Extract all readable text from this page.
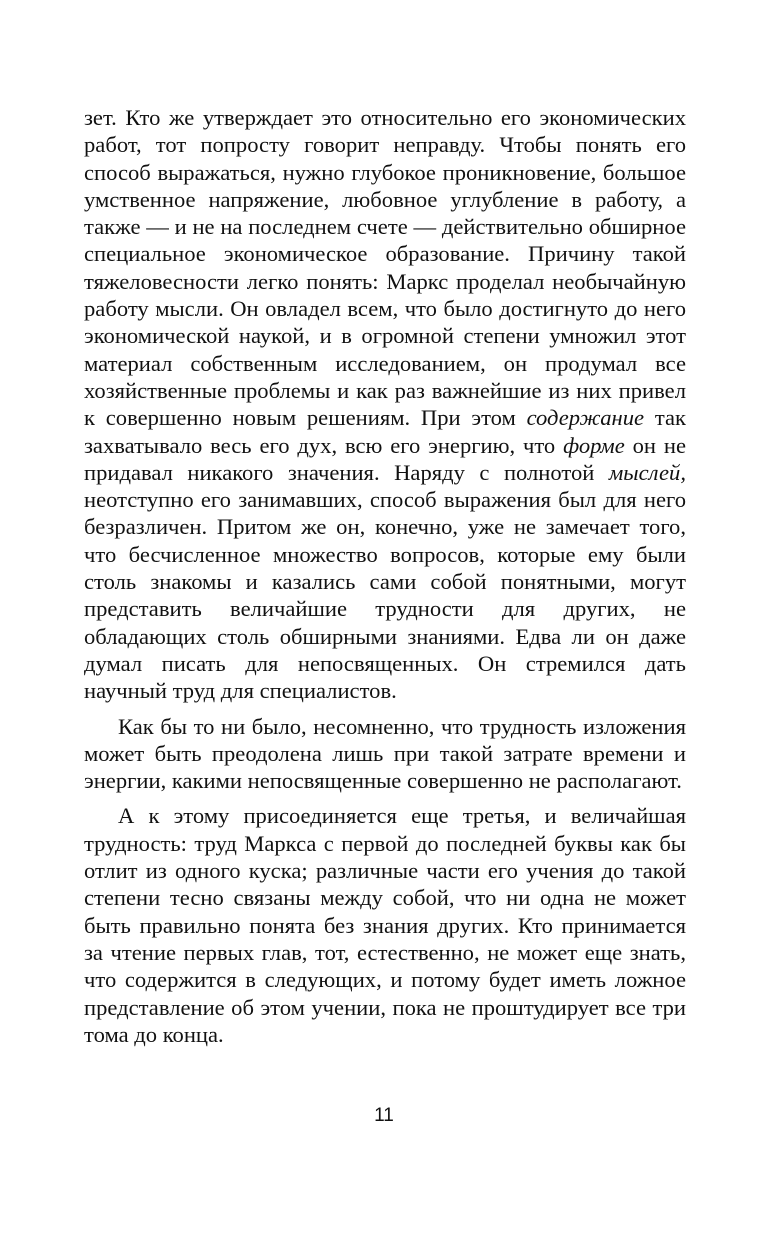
зет. Кто же утверждает это относительно его экономических работ, тот попросту говорит неправду. Чтобы понять его способ выражаться, нужно глубокое проникновение, большое умственное напряжение, любовное углубление в работу, а также — и не на последнем счете — действительно обширное специальное экономическое образование. Причину такой тяжеловесности легко понять: Маркс проделал необычайную работу мысли. Он овладел всем, что было достигнуто до него экономической наукой, и в огромной степени умножил этот материал собственным исследованием, он продумал все хозяйственные проблемы и как раз важнейшие из них привел к совершенно новым решениям. При этом содержание так захватывало весь его дух, всю его энергию, что форме он не придавал никакого значения. Наряду с полнотой мыслей, неотступно его занимавших, способ выражения был для него безразличен. Притом же он, конечно, уже не замечает того, что бесчисленное множество вопросов, которые ему были столь знакомы и казались сами собой понятными, могут представить величайшие трудности для других, не обладающих столь обширными знаниями. Едва ли он даже думал писать для непосвященных. Он стремился дать научный труд для специалистов.

Как бы то ни было, несомненно, что трудность изложения может быть преодолена лишь при такой затрате времени и энергии, какими непосвященные совершенно не располагают.

А к этому присоединяется еще третья, и величайшая трудность: труд Маркса с первой до последней буквы как бы отлит из одного куска; различные части его учения до такой степени тесно связаны между собой, что ни одна не может быть правильно понята без знания других. Кто принимается за чтение первых глав, тот, естественно, не может еще знать, что содержится в следующих, и потому будет иметь ложное представление об этом учении, пока не проштудирует все три тома до конца.

11
